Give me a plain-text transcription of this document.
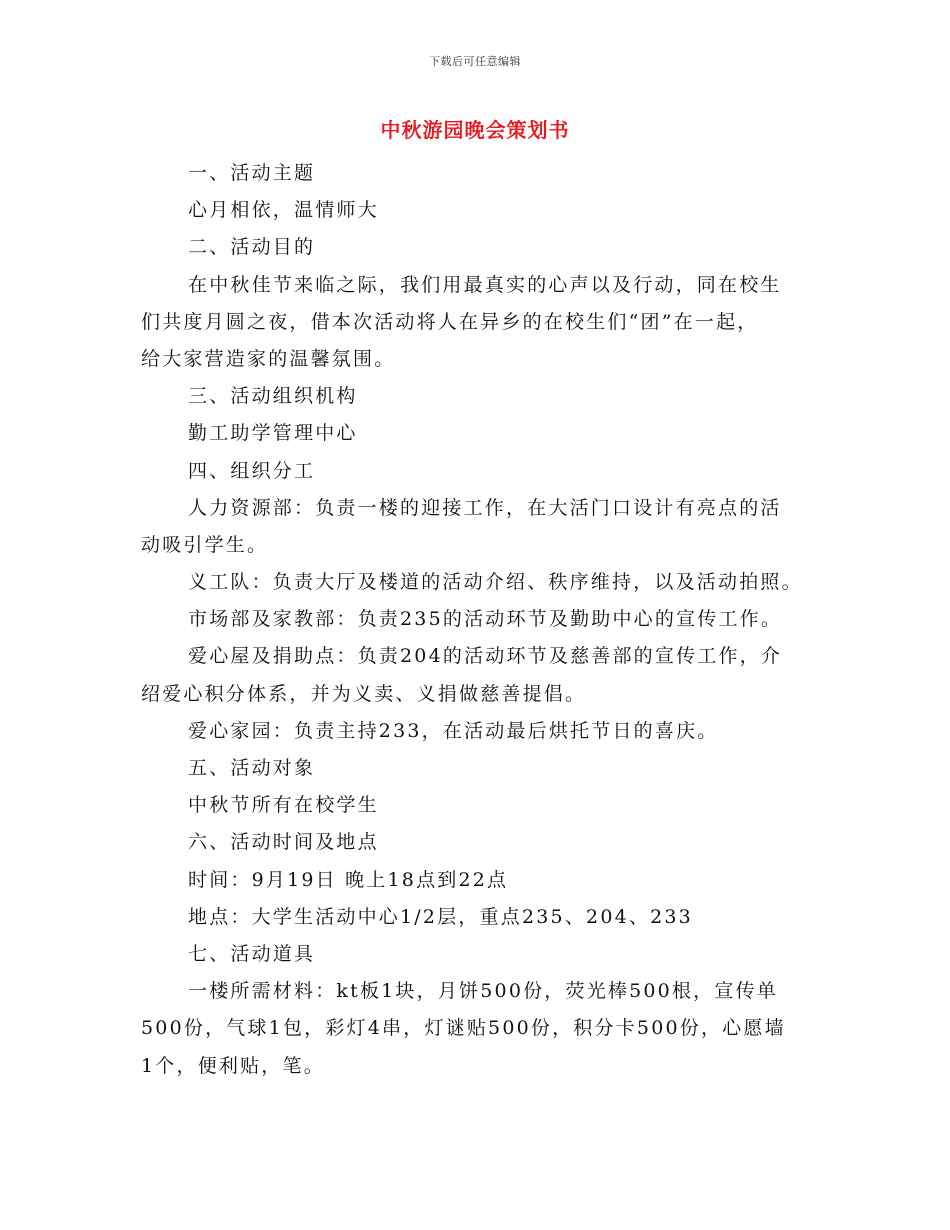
下载后可任意编辑
中秋游园晚会策划书
一、活动主题
心月相依，温情师大
二、活动目的
在中秋佳节来临之际，我们用最真实的心声以及行动，同在校生
们共度月圆之夜，借本次活动将人在异乡的在校生们“团”在一起，
给大家营造家的温馨氛围。
三、活动组织机构
勤工助学管理中心
四、组织分工
人力资源部：负责一楼的迎接工作，在大活门口设计有亮点的活
动吸引学生。
义工队：负责大厅及楼道的活动介绍、秩序维持，以及活动拍照。
市场部及家教部：负责235的活动环节及勤助中心的宣传工作。
爱心屋及捐助点：负责204的活动环节及慈善部的宣传工作，介
绍爱心积分体系，并为义卖、义捐做慈善提倡。
爱心家园：负责主持233，在活动最后烘托节日的喜庆。
五、活动对象
中秋节所有在校学生
六、活动时间及地点
时间：9月19日 晚上18点到22点
地点：大学生活动中心1/2层，重点235、204、233
七、活动道具
一楼所需材料：kt板1块，月饼500份，荧光棒500根，宣传单
500份，气球1包，彩灯4串，灯谜贴500份，积分卡500份，心愿墙
1个，便利贴，笔。
